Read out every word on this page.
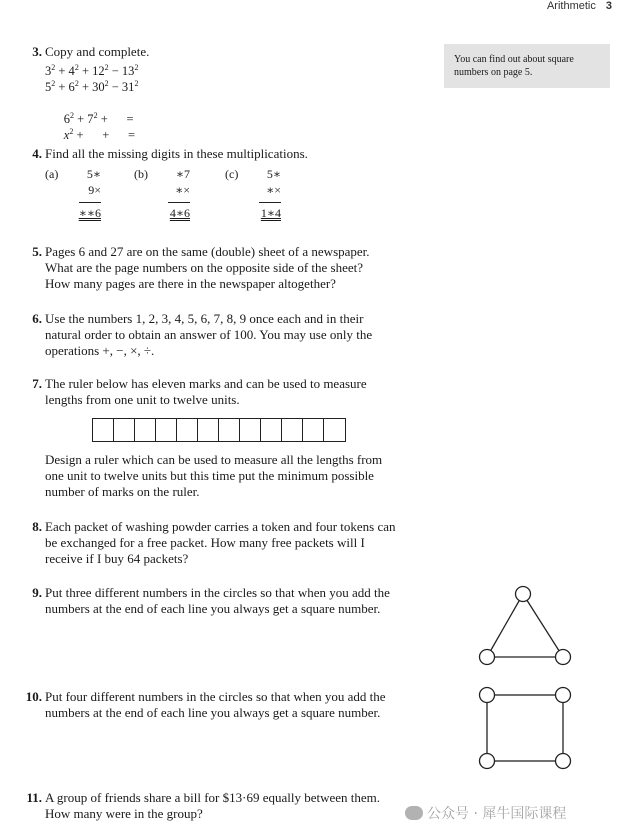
Arithmetic 3
You can find out about square numbers on page 5.
3. Copy and complete.
$3^2 + 4^2 + 12^2 - 13^2$
$5^2 + 6^2 + 30^2 - 31^2$

$6^2 + 7^2$ +      =

$x^2$ +      +      =

4. Find all the missing digits in these multiplications.
(a)	5∗
9×
∗∗6
(b)	∗7
∗×
4∗6
(c)	5∗
∗×
1∗4
5. Pages 6 and 27 are on the same (double) sheet of a newspaper.
What are the page numbers on the opposite side of the sheet?
How many pages are there in the newspaper altogether?
6. Use the numbers 1, 2, 3, 4, 5, 6, 7, 8, 9 once each and in their
natural order to obtain an answer of 100. You may use only the
operations +, −, ×, ÷.
7. The ruler below has eleven marks and can be used to measure
lengths from one unit to twelve units.
Design a ruler which can be used to measure all the lengths from
one unit to twelve units but this time put the minimum possible
number of marks on the ruler.
8. Each packet of washing powder carries a token and four tokens can
be exchanged for a free packet. How many free packets will I
receive if I buy 64 packets?
9. Put three different numbers in the circles so that when you add the
numbers at the end of each line you always get a square number.
10. Put four different numbers in the circles so that when you add the
numbers at the end of each line you always get a square number.
11. A group of friends share a bill for $13·69 equally between them.
How many were in the group?	公众号 · 犀牛国际课程
